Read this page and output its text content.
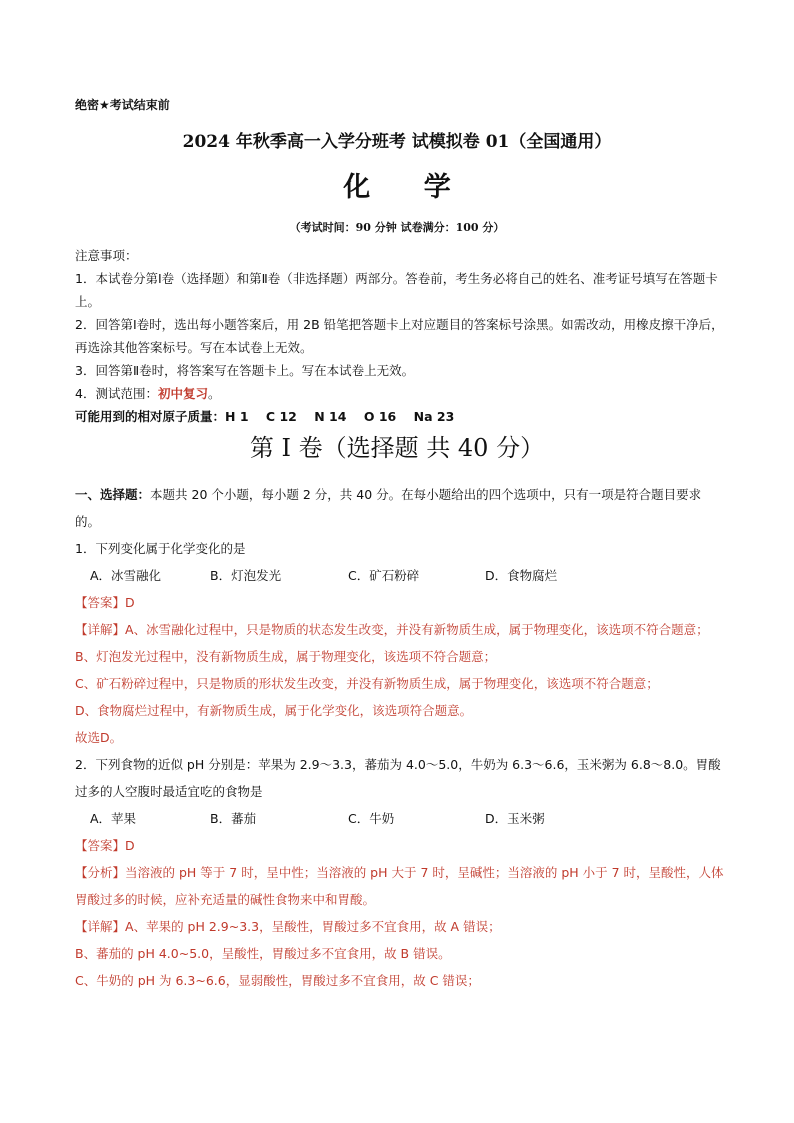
绝密★考试结束前
2024 年秋季高一入学分班考 试模拟卷 01（全国通用）
化 学
（考试时间：90 分钟 试卷满分：100 分）

注意事项：

1．本试卷分第Ⅰ卷（选择题）和第Ⅱ卷（非选择题）两部分。答卷前，考生务必将自己的姓名、准考证号填写在答题卡上。

2．回答第Ⅰ卷时，选出每小题答案后，用 2B 铅笔把答题卡上对应题目的答案标号涂黑。如需改动，用橡皮擦干净后，再选涂其他答案标号。写在本试卷上无效。

3．回答第Ⅱ卷时，将答案写在答题卡上。写在本试卷上无效。

4．测试范围：初中复习。

可能用到的相对原子质量：H 1    C 12    N 14    O 16    Na 23

第 I 卷（选择题 共 40 分）

一、选择题：本题共 20 个小题，每小题 2 分，共 40 分。在每小题给出的四个选项中，只有一项是符合题目要求的。

1．下列变化属于化学变化的是

A．冰雪融化	B．灯泡发光	C．矿石粉碎	D．食物腐烂

【答案】D

【详解】A、冰雪融化过程中，只是物质的状态发生改变，并没有新物质生成，属于物理变化，该选项不符合题意；

B、灯泡发光过程中，没有新物质生成，属于物理变化，该选项不符合题意；

C、矿石粉碎过程中，只是物质的形状发生改变，并没有新物质生成，属于物理变化，该选项不符合题意；

D、食物腐烂过程中，有新物质生成，属于化学变化，该选项符合题意。

故选D。

2．下列食物的近似 pH 分别是：苹果为 2.9～3.3，蕃茄为 4.0～5.0，牛奶为 6.3～6.6，玉米粥为 6.8～8.0。胃酸过多的人空腹时最适宜吃的食物是

A．苹果	B．蕃茄	C．牛奶	D．玉米粥

【答案】D

【分析】当溶液的 pH 等于 7 时，呈中性；当溶液的 pH 大于 7 时，呈碱性；当溶液的 pH 小于 7 时，呈酸性，人体胃酸过多的时候，应补充适量的碱性食物来中和胃酸。

【详解】A、苹果的 pH 2.9~3.3，呈酸性，胃酸过多不宜食用，故 A 错误；

B、蕃茄的 pH 4.0~5.0，呈酸性，胃酸过多不宜食用，故 B 错误。

C、牛奶的 pH 为 6.3~6.6，显弱酸性，胃酸过多不宜食用，故 C 错误；
